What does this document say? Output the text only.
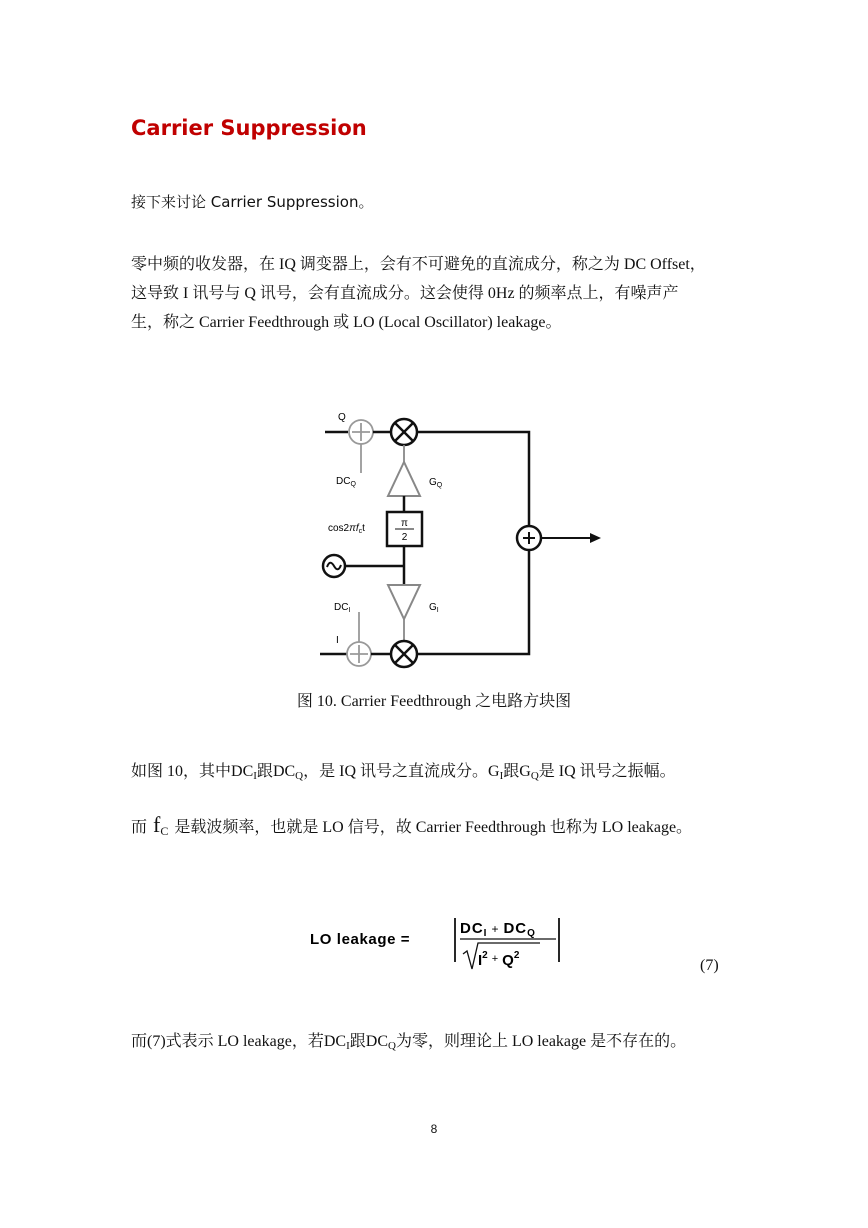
Carrier Suppression
接下来讨论 Carrier Suppression。
零中频的收发器，在 IQ 调变器上，会有不可避免的直流成分，称之为 DC Offset，
这导致 I 讯号与 Q 讯号，会有直流成分。这会使得 0Hz 的频率点上，有噪声产
生，称之 Carrier Feedthrough 或 LO (Local Oscillator) leakage。
π
2
Q
I
$DC_Q$
$DC_I$
$G_Q$
$G_I$
$\cos 2\pi f_ct$
图 10. Carrier Feedthrough 之电路方块图
如图 10，其中$DC_I$跟$DC_Q$，是 IQ 讯号之直流成分。$G_I$跟$G_Q$是 IQ 讯号之振幅。
而 $f_C$ 是载波频率，也就是 LO 信号，故 Carrier Feedthrough 也称为 LO leakage。
LO leakage =
$DC_I$ + $DC_Q$
$I^2$ $_+$ $Q^2$
(7)
而(7)式表示 LO leakage，若$DC_I$跟$DC_Q$为零，则理论上 LO leakage 是不存在的。
8
